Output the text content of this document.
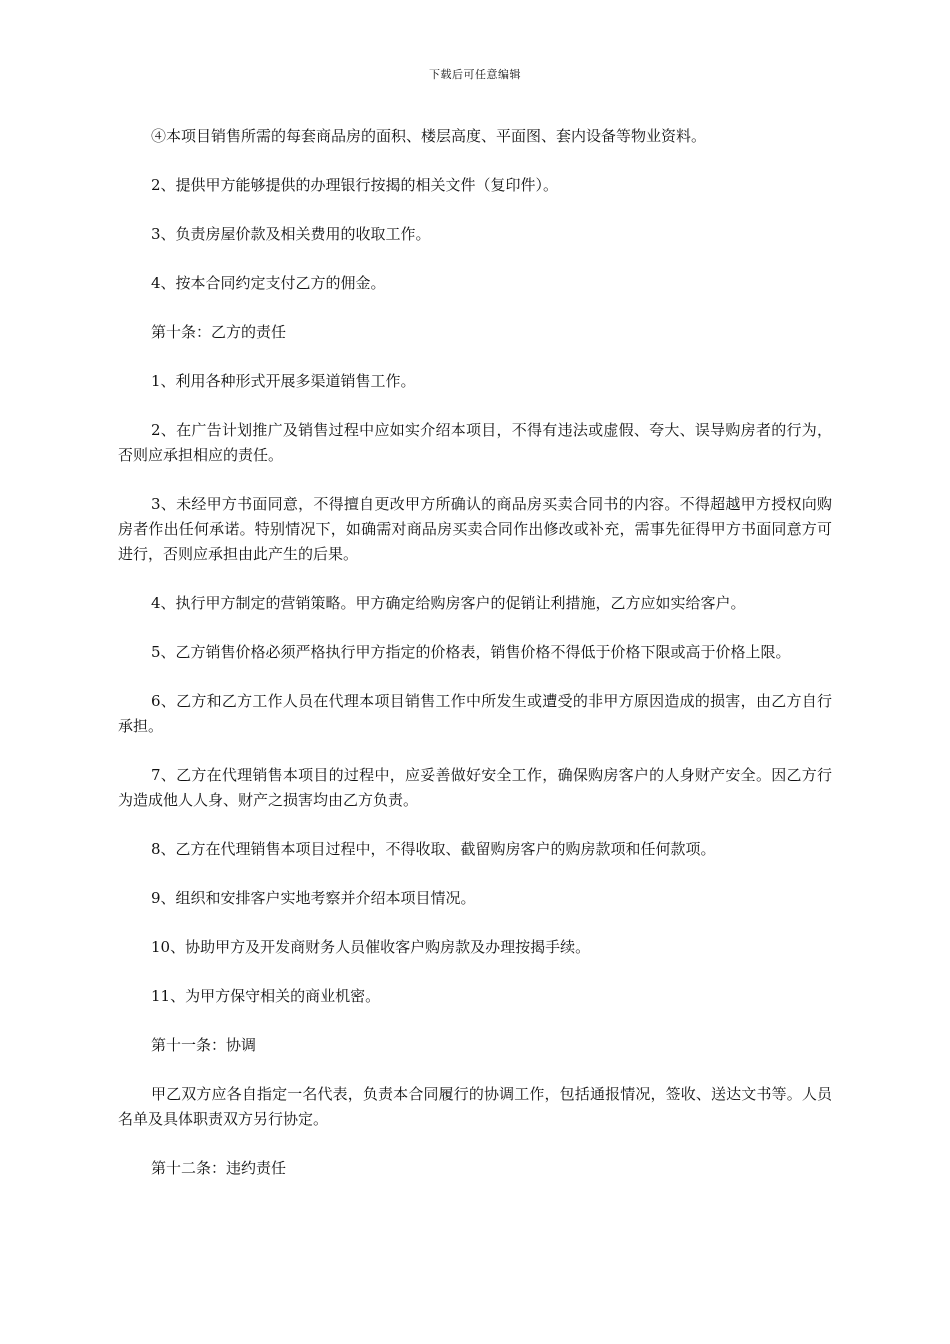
下载后可任意编辑

④本项目销售所需的每套商品房的面积、楼层高度、平面图、套内设备等物业资料。

2、提供甲方能够提供的办理银行按揭的相关文件（复印件）。

3、负责房屋价款及相关费用的收取工作。

4、按本合同约定支付乙方的佣金。

第十条：乙方的责任

1、利用各种形式开展多渠道销售工作。

2、在广告计划推广及销售过程中应如实介绍本项目，不得有违法或虚假、夸大、误导购房者的行为，否则应承担相应的责任。

3、未经甲方书面同意，不得擅自更改甲方所确认的商品房买卖合同书的内容。不得超越甲方授权向购房者作出任何承诺。特别情况下，如确需对商品房买卖合同作出修改或补充，需事先征得甲方书面同意方可进行，否则应承担由此产生的后果。

4、执行甲方制定的营销策略。甲方确定给购房客户的促销让利措施，乙方应如实给客户。

5、乙方销售价格必须严格执行甲方指定的价格表，销售价格不得低于价格下限或高于价格上限。

6、乙方和乙方工作人员在代理本项目销售工作中所发生或遭受的非甲方原因造成的损害，由乙方自行承担。

7、乙方在代理销售本项目的过程中，应妥善做好安全工作，确保购房客户的人身财产安全。因乙方行为造成他人人身、财产之损害均由乙方负责。

8、乙方在代理销售本项目过程中，不得收取、截留购房客户的购房款项和任何款项。

9、组织和安排客户实地考察并介绍本项目情况。

10、协助甲方及开发商财务人员催收客户购房款及办理按揭手续。

11、为甲方保守相关的商业机密。

第十一条：协调

甲乙双方应各自指定一名代表，负责本合同履行的协调工作，包括通报情况，签收、送达文书等。人员名单及具体职责双方另行协定。

第十二条：违约责任
